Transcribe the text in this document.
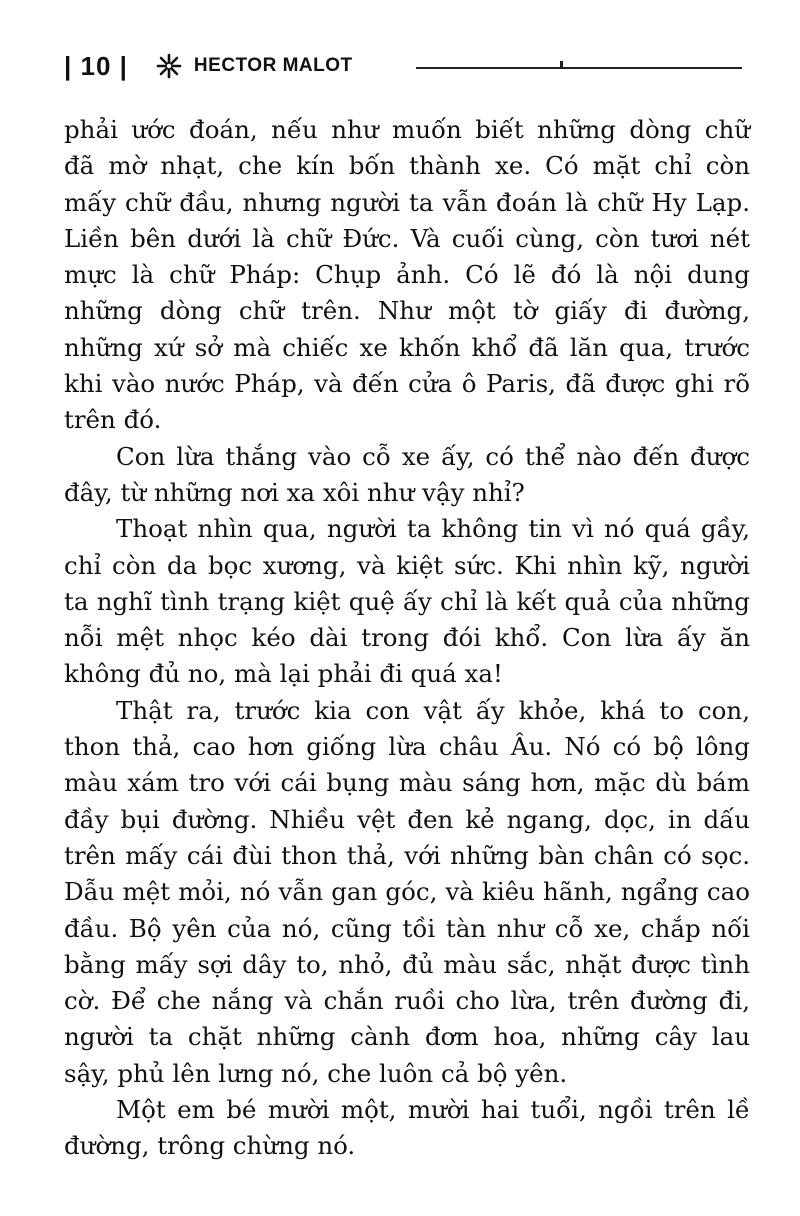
| 10 |	HECTOR MALOT

phải ước đoán, nếu như muốn biết những dòng chữ
đã mờ nhạt, che kín bốn thành xe. Có mặt chỉ còn
mấy chữ đầu, nhưng người ta vẫn đoán là chữ Hy Lạp.
Liền bên dưới là chữ Đức. Và cuối cùng, còn tươi nét
mực là chữ Pháp: Chụp ảnh. Có lẽ đó là nội dung
những dòng chữ trên. Như một tờ giấy đi đường,
những xứ sở mà chiếc xe khốn khổ đã lăn qua, trước
khi vào nước Pháp, và đến cửa ô Paris, đã được ghi rõ
trên đó.

Con lừa thắng vào cỗ xe ấy, có thể nào đến được
đây, từ những nơi xa xôi như vậy nhỉ?

Thoạt nhìn qua, người ta không tin vì nó quá gầy,
chỉ còn da bọc xương, và kiệt sức. Khi nhìn kỹ, người
ta nghĩ tình trạng kiệt quệ ấy chỉ là kết quả của những
nỗi mệt nhọc kéo dài trong đói khổ. Con lừa ấy ăn
không đủ no, mà lại phải đi quá xa!

Thật ra, trước kia con vật ấy khỏe, khá to con,
thon thả, cao hơn giống lừa châu Âu. Nó có bộ lông
màu xám tro với cái bụng màu sáng hơn, mặc dù bám
đầy bụi đường. Nhiều vệt đen kẻ ngang, dọc, in dấu
trên mấy cái đùi thon thả, với những bàn chân có sọc.
Dẫu mệt mỏi, nó vẫn gan góc, và kiêu hãnh, ngẩng cao
đầu. Bộ yên của nó, cũng tồi tàn như cỗ xe, chắp nối
bằng mấy sợi dây to, nhỏ, đủ màu sắc, nhặt được tình
cờ. Để che nắng và chắn ruồi cho lừa, trên đường đi,
người ta chặt những cành đơm hoa, những cây lau
sậy, phủ lên lưng nó, che luôn cả bộ yên.

Một em bé mười một, mười hai tuổi, ngồi trên lề
đường, trông chừng nó.
